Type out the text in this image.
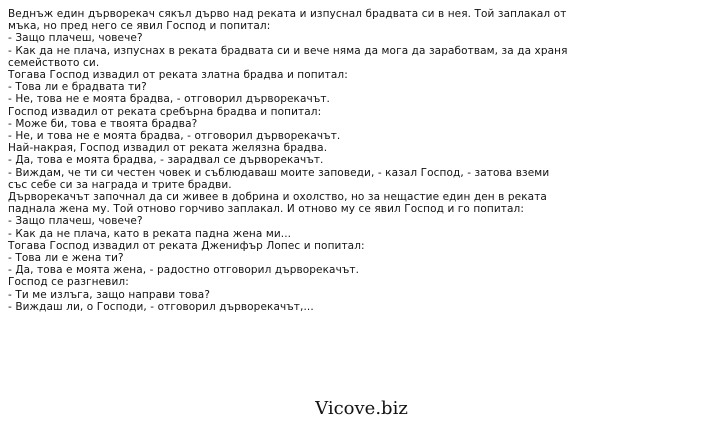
Веднъж един дърворекач сякъл дърво над реката и изпуснал брадвата си в нея. Той заплакал от
мъка, но пред него се явил Господ и попитал:
- Защо плачеш, човече?
- Как да не плача, изпуснах в реката брадвата си и вече няма да мога да заработвам, за да храня
семейството си.
Тогава Господ извадил от реката златна брадва и попитал:
- Това ли е брадвата ти?
- Не, това не е моята брадва, - отговорил дърворекачът.
Господ извадил от реката сребърна брадва и попитал:
- Може би, това е твоята брадва?
- Не, и това не е моята брадва, - отговорил дърворекачът.
Най-накрая, Господ извадил от реката желязна брадва.
- Да, това е моята брадва, - зарадвал се дърворекачът.
- Виждам, че ти си честен човек и съблюдаваш моите заповеди, - казал Господ, - затова вземи
със себе си за награда и трите брадви.
Дърворекачът започнал да си живее в добрина и охолство, но за нещастие един ден в реката
паднала жена му. Той отново горчиво заплакал. И отново му се явил Господ и го попитал:
- Защо плачеш, човече?
- Как да не плача, като в реката падна жена ми...
Тогава Господ извадил от реката Дженифър Лопес и попитал:
- Това ли е жена ти?
- Да, това е моята жена, - радостно отговорил дърворекачът.
Господ се разгневил:
- Ти ме излъга, защо направи това?
- Виждаш ли, о Господи, - отговорил дърворекачът,...
Vicove.biz
